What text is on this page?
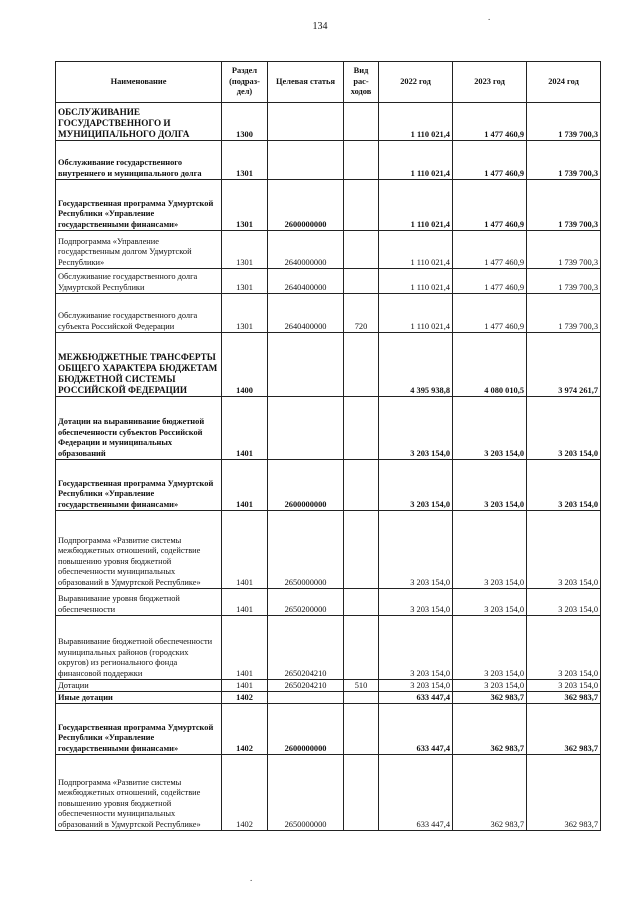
134
.
.
Наименование	Раздел (подраз-дел)	Целевая статья	Вид рас-ходов	2022 год	2023 год	2024 год
ОБСЛУЖИВАНИЕ ГОСУДАРСТВЕННОГО И МУНИЦИПАЛЬНОГО ДОЛГА	1300			1 110 021,4	1 477 460,9	1 739 700,3
Обслуживание государственного внутреннего и муниципального долга	1301			1 110 021,4	1 477 460,9	1 739 700,3
Государственная программа Удмуртской Республики «Управление государственными финансами»	1301	2600000000		1 110 021,4	1 477 460,9	1 739 700,3
Подпрограмма «Управление государственным долгом Удмуртской Республики»	1301	2640000000		1 110 021,4	1 477 460,9	1 739 700,3
Обслуживание государственного долга Удмуртской Республики	1301	2640400000		1 110 021,4	1 477 460,9	1 739 700,3
Обслуживание государственного долга субъекта Российской Федерации	1301	2640400000	720	1 110 021,4	1 477 460,9	1 739 700,3
МЕЖБЮДЖЕТНЫЕ ТРАНСФЕРТЫ ОБЩЕГО ХАРАКТЕРА БЮДЖЕТАМ БЮДЖЕТНОЙ СИСТЕМЫ РОССИЙСКОЙ ФЕДЕРАЦИИ	1400			4 395 938,8	4 080 010,5	3 974 261,7
Дотации на выравнивание бюджетной обеспеченности субъектов Российской Федерации и муниципальных образований	1401			3 203 154,0	3 203 154,0	3 203 154,0
Государственная программа Удмуртской Республики «Управление государственными финансами»	1401	2600000000		3 203 154,0	3 203 154,0	3 203 154,0
Подпрограмма «Развитие системы межбюджетных отношений, содействие повышению уровня бюджетной обеспеченности муниципальных образований в Удмуртской Республике»	1401	2650000000		3 203 154,0	3 203 154,0	3 203 154,0
Выравнивание уровня бюджетной обеспеченности	1401	2650200000		3 203 154,0	3 203 154,0	3 203 154,0
Выравнивание бюджетной обеспеченности муниципальных районов (городских округов) из регионального фонда финансовой поддержки	1401	2650204210		3 203 154,0	3 203 154,0	3 203 154,0
Дотации	1401	2650204210	510	3 203 154,0	3 203 154,0	3 203 154,0
Иные дотации	1402			633 447,4	362 983,7	362 983,7
Государственная программа Удмуртской Республики «Управление государственными финансами»	1402	2600000000		633 447,4	362 983,7	362 983,7
Подпрограмма «Развитие системы межбюджетных отношений, содействие повышению уровня бюджетной обеспеченности муниципальных образований в Удмуртской Республике»	1402	2650000000		633 447,4	362 983,7	362 983,7
